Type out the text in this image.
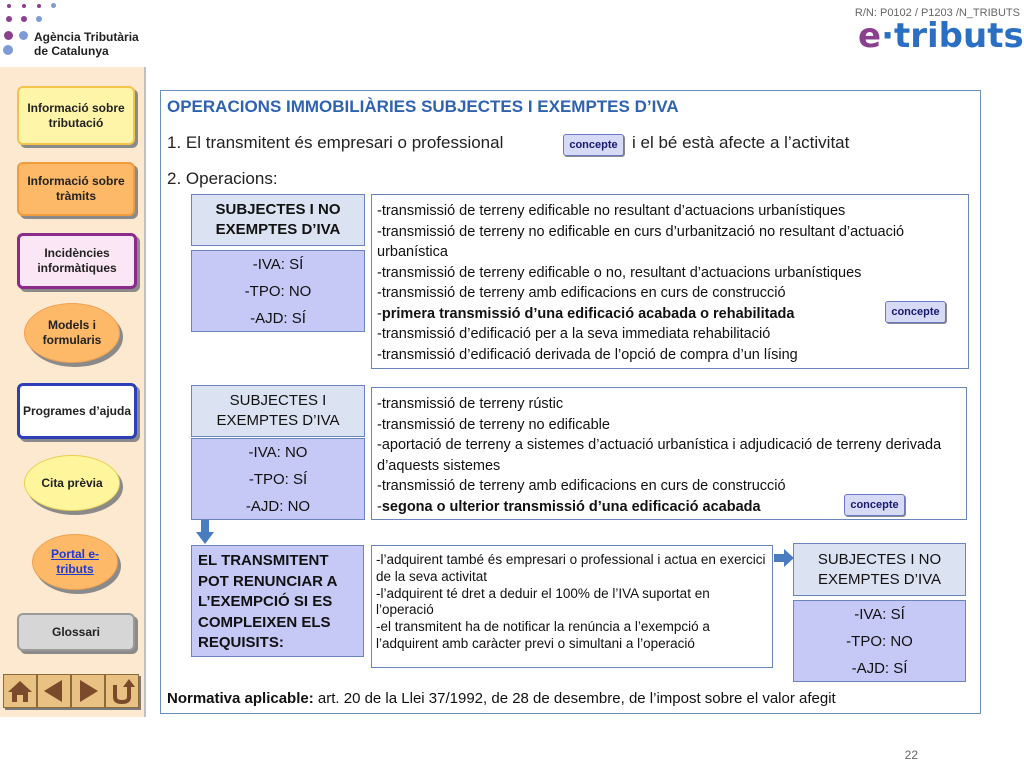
Agència Tributària
de Catalunya
R/N: P0102 / P1203 /N_TRIBUTS
e·tributs
Informació sobre tributació
Informació sobre tràmits
Incidències informàtiques
Models i formularis
Programes d’ajuda
Cita prèvia
Portal e-tributs
Glossari
OPERACIONS IMMOBILIÀRIES SUBJECTES I EXEMPTES D’IVA
1. El transmitent és empresari o professional	concepte i el bé està afecte a l’activitat
2. Operacions:
SUBJECTES I NO EXEMPTES D’IVA
-IVA: SÍ
-TPO: NO
-AJD: SÍ
-transmissió de terreny edificable no resultant d’actuacions urbanístiques
-transmissió de terreny no edificable en curs d’urbanització no resultant d’actuació urbanística
-transmissió de terreny edificable o no, resultant d’actuacions urbanístiques
-transmissió de terreny amb edificacions en curs de construcció
-primera transmissió d’una edificació acabada o rehabilitada
-transmissió d’edificació per a la seva immediata rehabilitació
-transmissió d’edificació derivada de l’opció de compra d’un lísing
concepte
SUBJECTES I EXEMPTES D’IVA
-IVA: NO
-TPO: SÍ
-AJD: NO
-transmissió de terreny rústic
-transmissió de terreny no edificable
-aportació de terreny a sistemes d’actuació urbanística i adjudicació de terreny derivada d’aquests sistemes
-transmissió de terreny amb edificacions en curs de construcció
-segona o ulterior transmissió d’una edificació acabada	concepte
EL TRANSMITENT POT RENUNCIAR A L’EXEMPCIÓ SI ES COMPLEIXEN ELS REQUISITS:
-l’adquirent també és empresari o professional i actua en exercici de la seva activitat
-l’adquirent té dret a deduir el 100% de l’IVA suportat en l’operació
-el transmitent ha de notificar la renúncia a l’exempció a l’adquirent amb caràcter previ o simultani a l’operació
SUBJECTES I NO EXEMPTES D’IVA
-IVA: SÍ
-TPO: NO
-AJD: SÍ
Normativa aplicable: art. 20 de la Llei 37/1992, de 28 de desembre, de l’impost sobre el valor afegit
22
